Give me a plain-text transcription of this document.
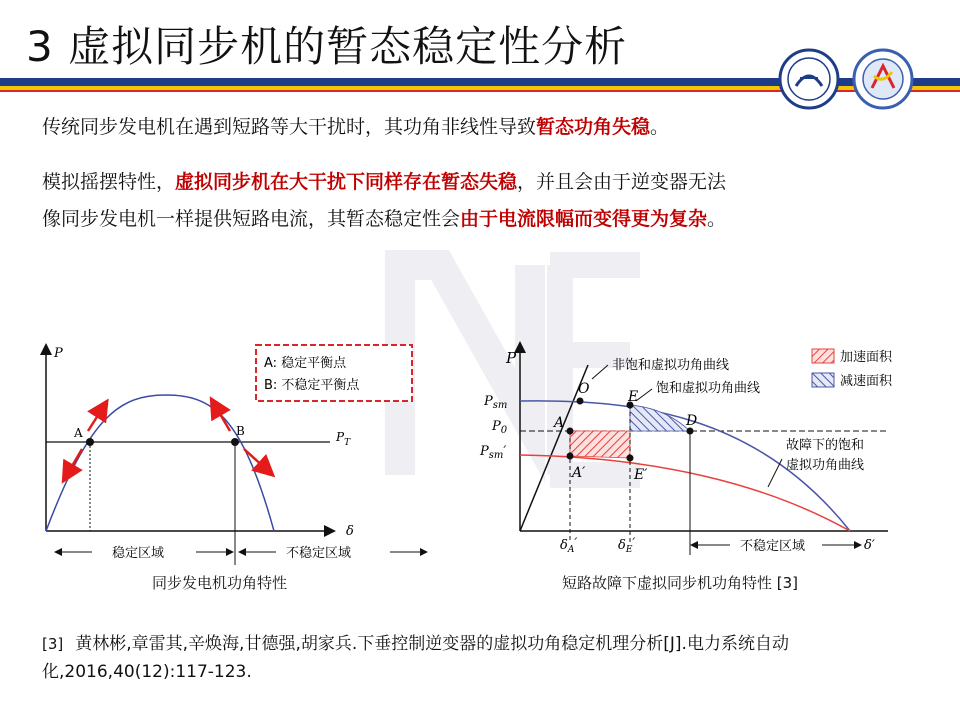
3 虚拟同步机的暂态稳定性分析
传统同步发电机在遇到短路等大干扰时，其功角非线性导致暂态功角失稳。
模拟摇摆特性，虚拟同步机在大干扰下同样存在暂态失稳，并且会由于逆变器无法
像同步发电机一样提供短路电流，其暂态稳定性会由于电流限幅而变得更为复杂。
P
δ
$P_T$
A	B
A: 稳定平衡点
B: 不稳定平衡点
稳定区域	不稳定区域
同步发电机功角特性
P
$P_{sm}$
$P_0$
$P_{sm}'$
O
A
E
D
A′	E′
$\delta_A'$	$\delta_E'$	δ′
不稳定区域
非饱和虚拟功角曲线
饱和虚拟功角曲线
故障下的饱和
虚拟功角曲线
加速面积
减速面积
短路故障下虚拟同步机功角特性 [3]
[3] 黄林彬,章雷其,辛焕海,甘德强,胡家兵.下垂控制逆变器的虚拟功角稳定机理分析[J].电力系统自动化,2016,40(12):117-123.
